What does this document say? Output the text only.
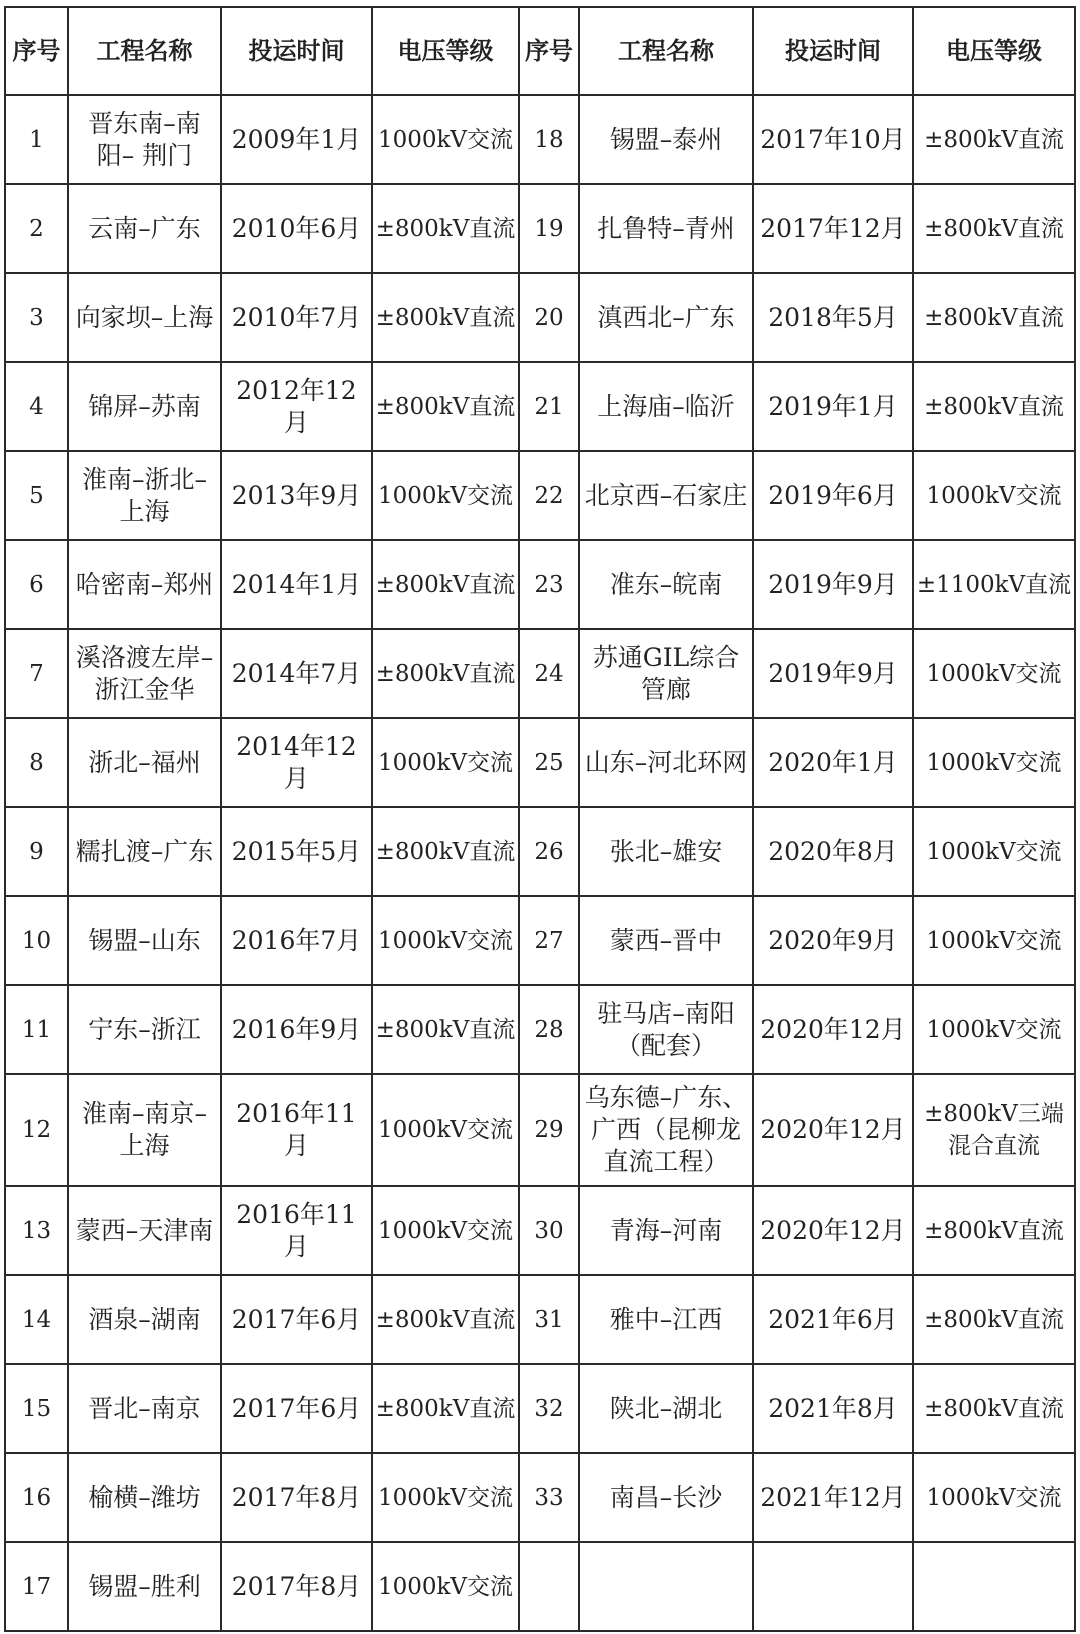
序号	工程名称	投运时间	电压等级	序号	工程名称	投运时间	电压等级
1	晋东南–南阳– 荆门	2009年1月	1000kV交流	18	锡盟–泰州	2017年10月	±800kV直流
2	云南–广东	2010年6月	±800kV直流	19	扎鲁特–青州	2017年12月	±800kV直流
3	向家坝–上海	2010年7月	±800kV直流	20	滇西北–广东	2018年5月	±800kV直流
4	锦屏–苏南	2012年12月	±800kV直流	21	上海庙–临沂	2019年1月	±800kV直流
5	淮南–浙北–上海	2013年9月	1000kV交流	22	北京西–石家庄	2019年6月	1000kV交流
6	哈密南–郑州	2014年1月	±800kV直流	23	准东–皖南	2019年9月	±1100kV直流
7	溪洛渡左岸–浙江金华	2014年7月	±800kV直流	24	苏通GIL综合管廊	2019年9月	1000kV交流
8	浙北–福州	2014年12月	1000kV交流	25	山东–河北环网	2020年1月	1000kV交流
9	糯扎渡–广东	2015年5月	±800kV直流	26	张北–雄安	2020年8月	1000kV交流
10	锡盟–山东	2016年7月	1000kV交流	27	蒙西–晋中	2020年9月	1000kV交流
11	宁东–浙江	2016年9月	±800kV直流	28	驻马店–南阳（配套）	2020年12月	1000kV交流
12	淮南–南京–上海	2016年11月	1000kV交流	29	乌东德–广东、广西（昆柳龙直流工程）	2020年12月	±800kV三端混合直流
13	蒙西–天津南	2016年11月	1000kV交流	30	青海–河南	2020年12月	±800kV直流
14	酒泉–湖南	2017年6月	±800kV直流	31	雅中–江西	2021年6月	±800kV直流
15	晋北–南京	2017年6月	±800kV直流	32	陕北–湖北	2021年8月	±800kV直流
16	榆横–潍坊	2017年8月	1000kV交流	33	南昌–长沙	2021年12月	1000kV交流
17	锡盟–胜利	2017年8月	1000kV交流				
